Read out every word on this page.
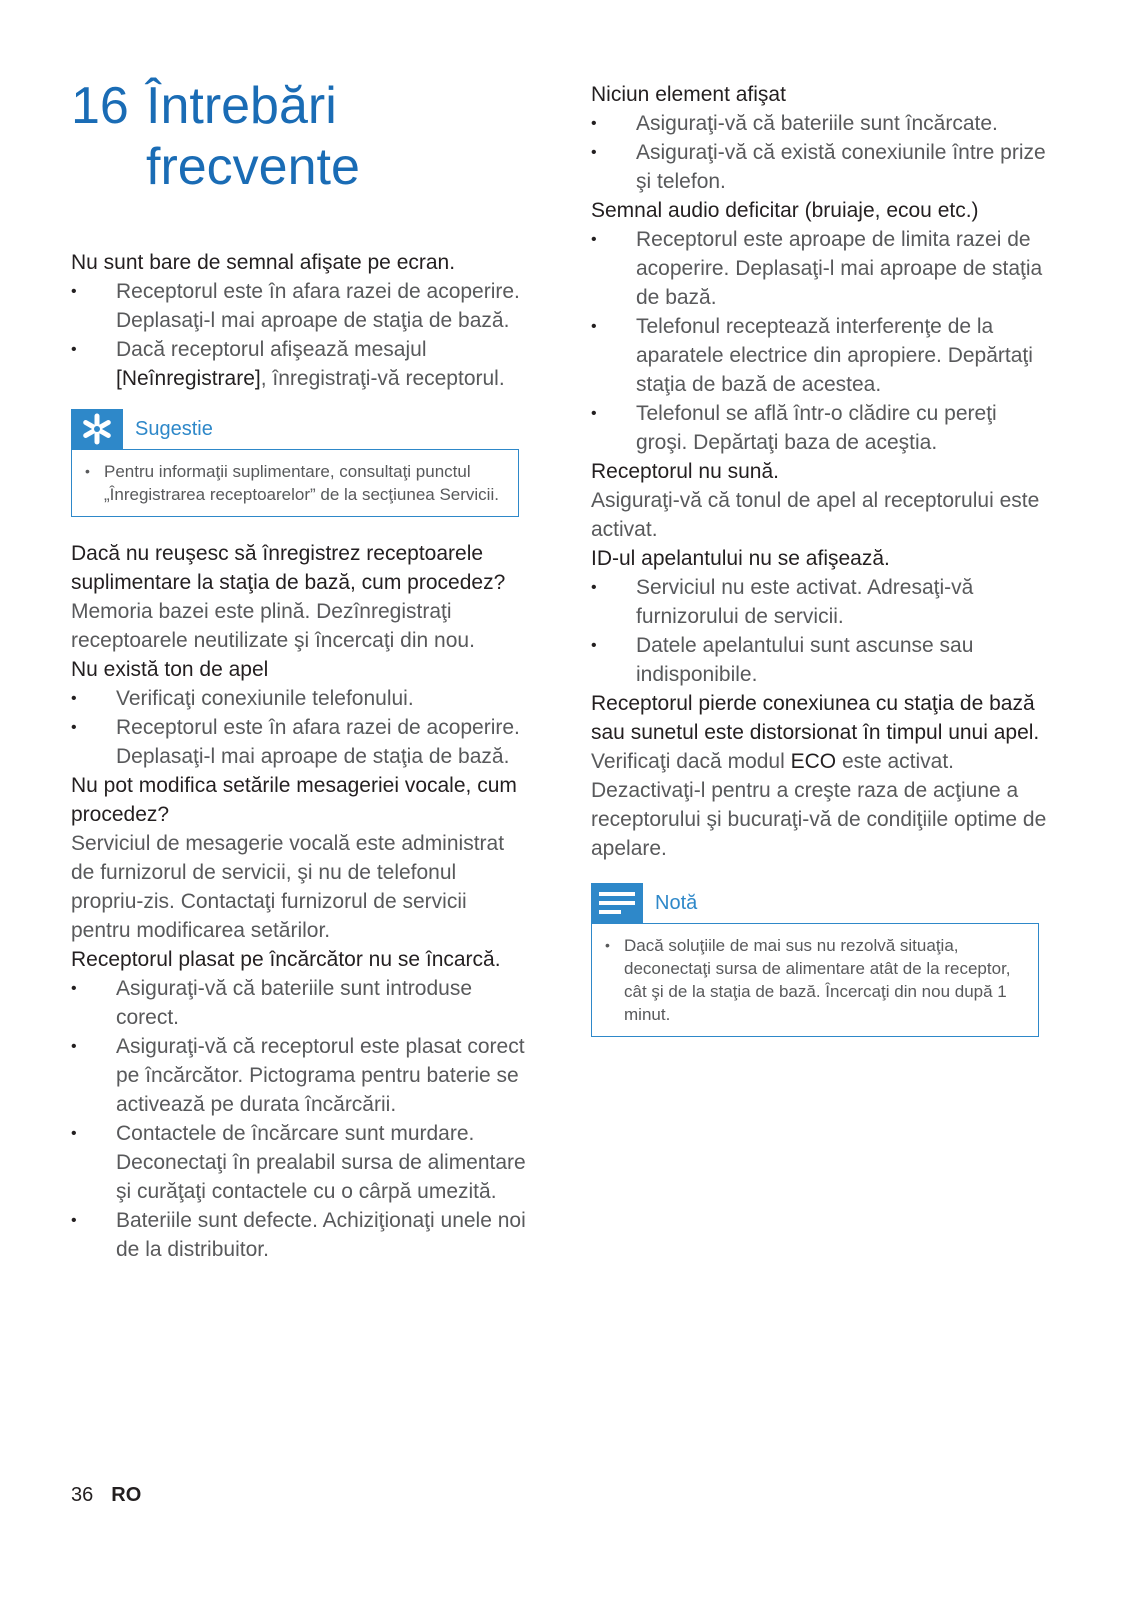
16 Întrebări
frecvente

Nu sunt bare de semnal afişate pe ecran.

• Receptorul este în afara razei de acoperire. Deplasaţi-l mai aproape de staţia de bază.
• Dacă receptorul afişează mesajul [Neînregistrare], înregistraţi-vă receptorul.
Sugestie
• Pentru informaţii suplimentare, consultaţi punctul „Înregistrarea receptoarelor” de la secţiunea Servicii.

Dacă nu reuşesc să înregistrez receptoarele suplimentare la staţia de bază, cum procedez?

Memoria bazei este plină. Dezînregistraţi receptoarele neutilizate şi încercaţi din nou.

Nu există ton de apel

• Verificaţi conexiunile telefonului.
• Receptorul este în afara razei de acoperire. Deplasaţi-l mai aproape de staţia de bază.

Nu pot modifica setările mesageriei vocale, cum procedez?

Serviciul de mesagerie vocală este administrat de furnizorul de servicii, şi nu de telefonul propriu-zis. Contactaţi furnizorul de servicii pentru modificarea setărilor.

Receptorul plasat pe încărcător nu se încarcă.

• Asiguraţi-vă că bateriile sunt introduse corect.
• Asiguraţi-vă că receptorul este plasat corect pe încărcător. Pictograma pentru baterie se activează pe durata încărcării.
• Contactele de încărcare sunt murdare. Deconectaţi în prealabil sursa de alimentare şi curăţaţi contactele cu o cârpă umezită.
• Bateriile sunt defecte. Achiziţionaţi unele noi de la distribuitor.

Niciun element afişat

• Asiguraţi-vă că bateriile sunt încărcate.
• Asiguraţi-vă că există conexiunile între prize şi telefon.

Semnal audio deficitar (bruiaje, ecou etc.)

• Receptorul este aproape de limita razei de acoperire. Deplasaţi-l mai aproape de staţia de bază.
• Telefonul recepteazǎ interferenţe de la aparatele electrice din apropiere. Depărtaţi staţia de bază de acestea.
• Telefonul se află într-o clădire cu pereţi groşi. Depărtaţi baza de aceştia.

Receptorul nu sună.

Asiguraţi-vă că tonul de apel al receptorului este activat.

ID-ul apelantului nu se afişează.

• Serviciul nu este activat. Adresaţi-vă furnizorului de servicii.
• Datele apelantului sunt ascunse sau indisponibile.

Receptorul pierde conexiunea cu staţia de bază sau sunetul este distorsionat în timpul unui apel.

Verificaţi dacă modul ECO este activat. Dezactivaţi-l pentru a creşte raza de acţiune a receptorului şi bucuraţi-vă de condiţiile optime de apelare.

Notă
• Dacă soluţiile de mai sus nu rezolvă situaţia, deconectaţi sursa de alimentare atât de la receptor, cât şi de la staţia de bază. Încercaţi din nou după 1 minut.
36 RO
